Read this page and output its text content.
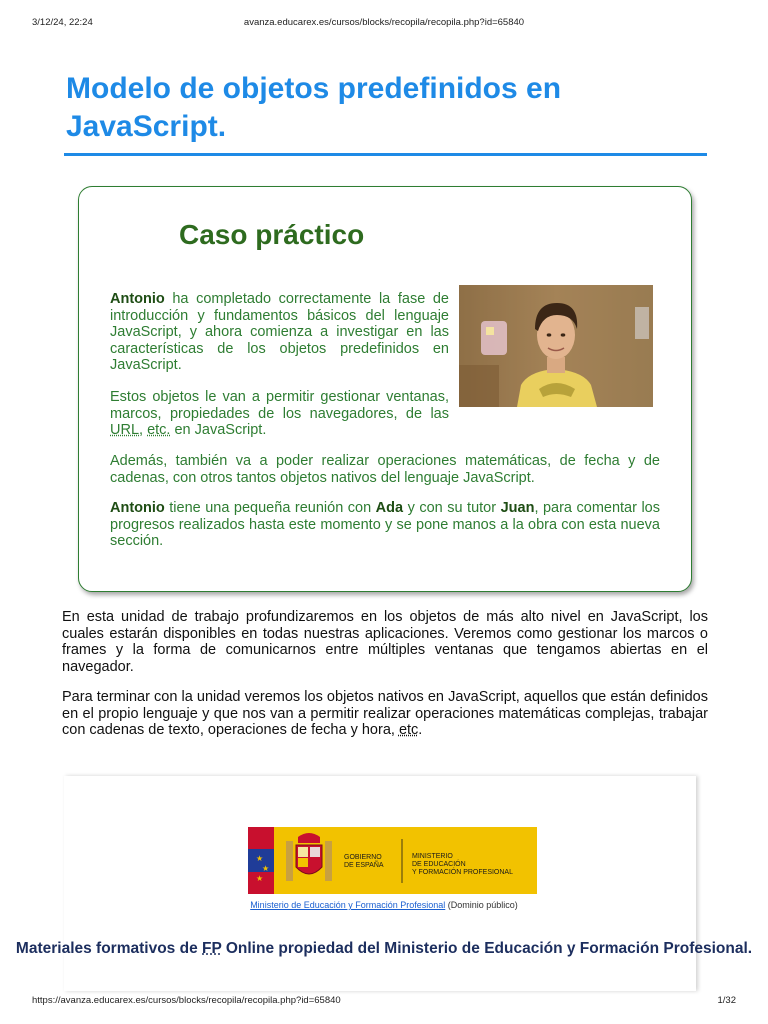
3/12/24, 22:24	avanza.educarex.es/cursos/blocks/recopila/recopila.php?id=65840
Modelo de objetos predefinidos en JavaScript.
Caso práctico

Antonio ha completado correctamente la fase de introducción y fundamentos básicos del lenguaje JavaScript, y ahora comienza a investigar en las características de los objetos predefinidos en JavaScript.

Estos objetos le van a permitir gestionar ventanas, marcos, propiedades de los navegadores, de las URL, etc. en JavaScript.

Además, también va a poder realizar operaciones matemáticas, de fecha y de cadenas, con otros tantos objetos nativos del lenguaje JavaScript.

Antonio tiene una pequeña reunión con Ada y con su tutor Juan, para comentar los progresos realizados hasta este momento y se pone manos a la obra con esta nueva sección.

En esta unidad de trabajo profundizaremos en los objetos de más alto nivel en JavaScript, los cuales estarán disponibles en todas nuestras aplicaciones. Veremos como gestionar los marcos o frames y la forma de comunicarnos entre múltiples ventanas que tengamos abiertas en el navegador.

Para terminar con la unidad veremos los objetos nativos en JavaScript, aquellos que están definidos en el propio lenguaje y que nos van a permitir realizar operaciones matemáticas complejas, trabajar con cadenas de texto, operaciones de fecha y hora, etc.

★
★
★
GOBIERNO
DE ESPAÑA
MINISTERIO
DE EDUCACIÓN
Y FORMACIÓN PROFESIONAL
Ministerio de Educación y Formación Profesional (Dominio público)

Materiales formativos de FP Online propiedad del Ministerio de Educación y Formación Profesional.

https://avanza.educarex.es/cursos/blocks/recopila/recopila.php?id=65840	1/32
